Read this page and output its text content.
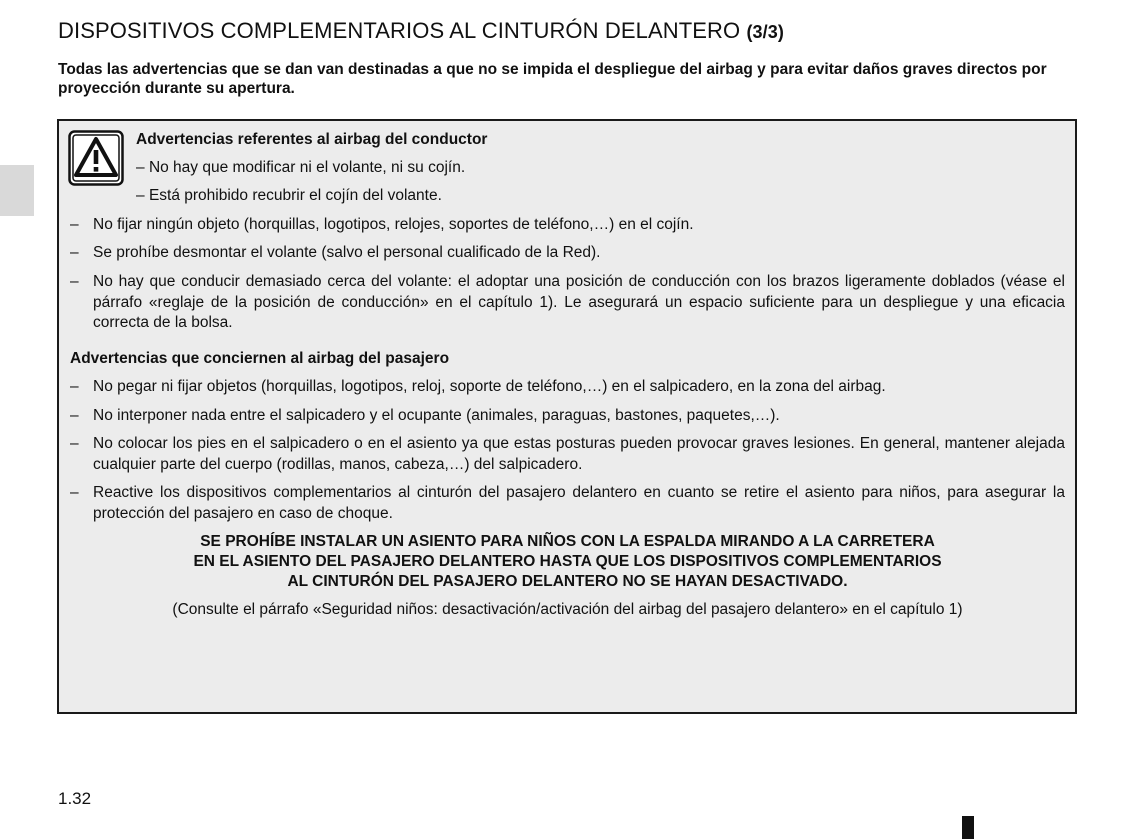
DISPOSITIVOS COMPLEMENTARIOS AL CINTURÓN DELANTERO (3/3)

Todas las advertencias que se dan van destinadas a que no se impida el despliegue del airbag y para evitar daños graves directos por proyección durante su apertura.

Advertencias referentes al airbag del conductor

– No hay que modificar ni el volante, ni su cojín.

– Está prohibido recubrir el cojín del volante.

– No fijar ningún objeto (horquillas, logotipos, relojes, soportes de teléfono,…) en el cojín.
– Se prohíbe desmontar el volante (salvo el personal cualificado de la Red).
– No hay que conducir demasiado cerca del volante: el adoptar una posición de conducción con los brazos ligeramente doblados (véase el párrafo «reglaje de la posición de conducción» en el capítulo 1). Le asegurará un espacio suficiente para un despliegue y una eficacia correcta de la bolsa.

Advertencias que conciernen al airbag del pasajero

– No pegar ni fijar objetos (horquillas, logotipos, reloj, soporte de teléfono,…) en el salpicadero, en la zona del airbag.
– No interponer nada entre el salpicadero y el ocupante (animales, paraguas, bastones, paquetes,…).
– No colocar los pies en el salpicadero o en el asiento ya que estas posturas pueden provocar graves lesiones. En general, mantener alejada cualquier parte del cuerpo (rodillas, manos, cabeza,…) del salpicadero.
– Reactive los dispositivos complementarios al cinturón del pasajero delantero en cuanto se retire el asiento para niños, para asegurar la protección del pasajero en caso de choque.

SE PROHÍBE INSTALAR UN ASIENTO PARA NIÑOS CON LA ESPALDA MIRANDO A LA CARRETERA

EN EL ASIENTO DEL PASAJERO DELANTERO HASTA QUE LOS DISPOSITIVOS COMPLEMENTARIOS

AL CINTURÓN DEL PASAJERO DELANTERO NO SE HAYAN DESACTIVADO.

(Consulte el párrafo «Seguridad niños: desactivación/activación del airbag del pasajero delantero» en el capítulo 1)

1.32
